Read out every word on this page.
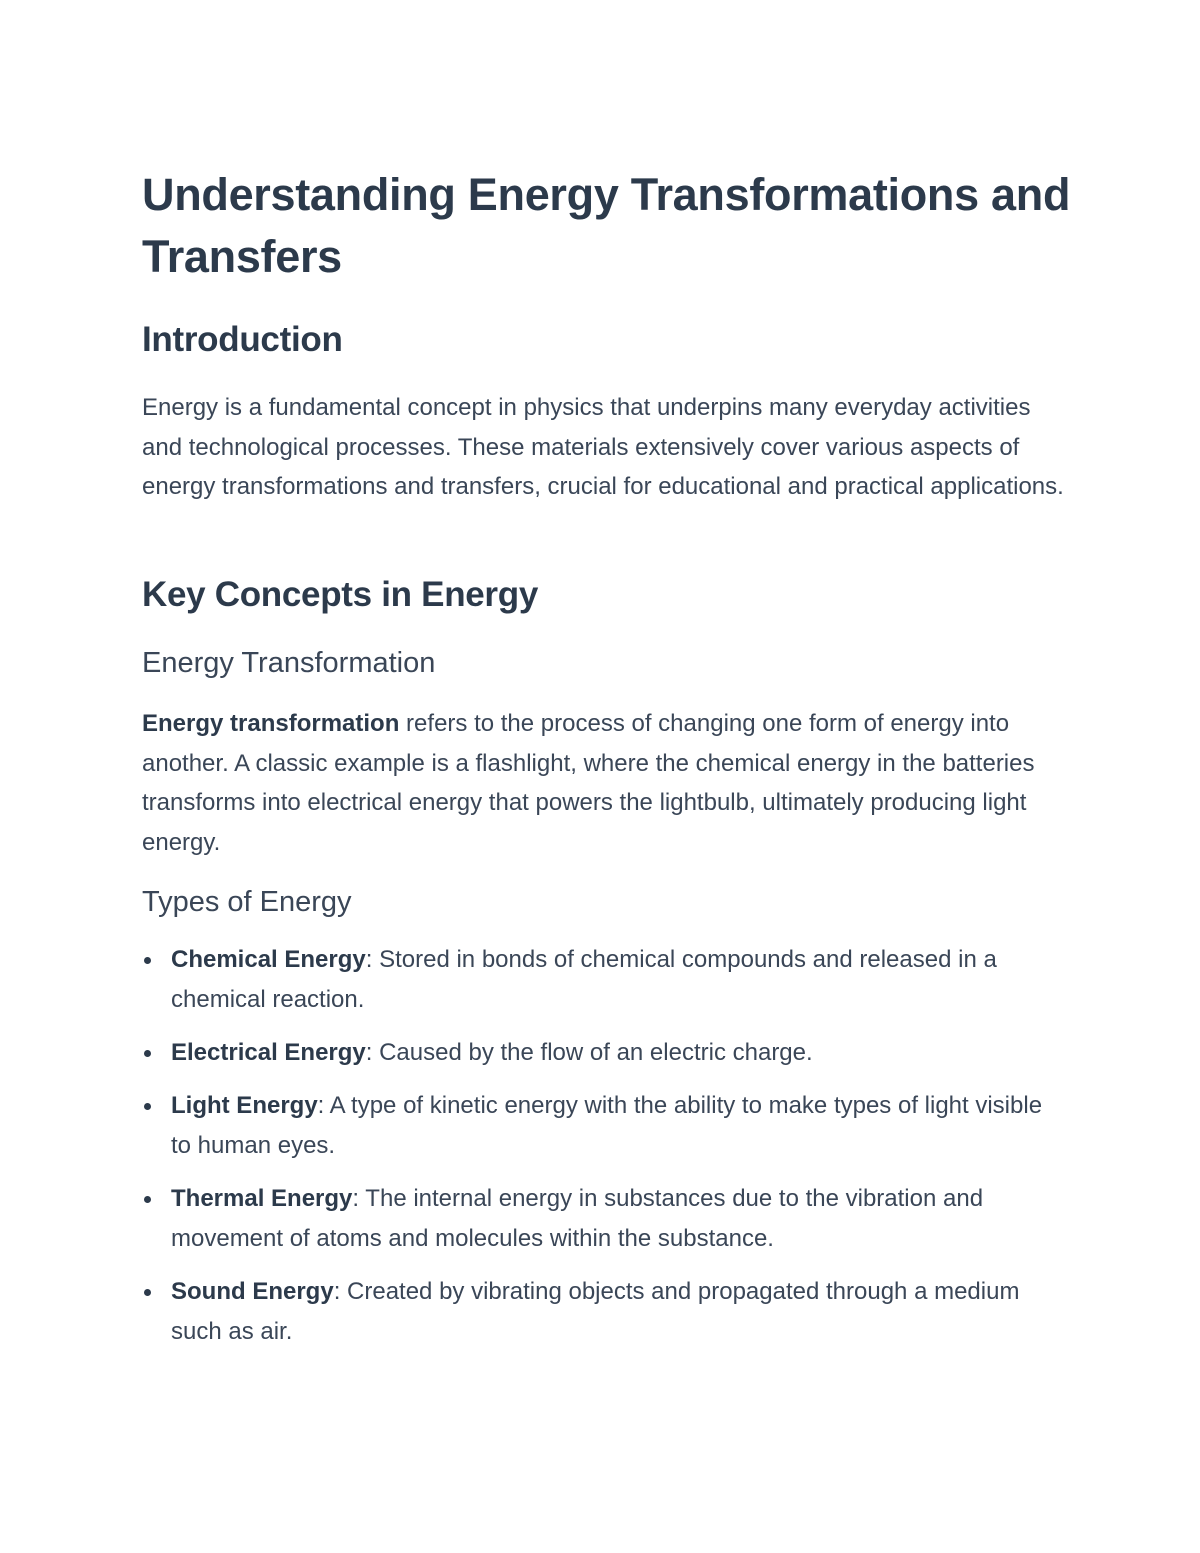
Understanding Energy Transformations and Transfers
Introduction

Energy is a fundamental concept in physics that underpins many everyday activities and technological processes. These materials extensively cover various aspects of energy transformations and transfers, crucial for educational and practical applications.

Key Concepts in Energy
Energy Transformation

Energy transformation refers to the process of changing one form of energy into another. A classic example is a flashlight, where the chemical energy in the batteries transforms into electrical energy that powers the lightbulb, ultimately producing light energy.

Types of Energy
Chemical Energy: Stored in bonds of chemical compounds and released in a chemical reaction.
Electrical Energy: Caused by the flow of an electric charge.
Light Energy: A type of kinetic energy with the ability to make types of light visible to human eyes.
Thermal Energy: The internal energy in substances due to the vibration and movement of atoms and molecules within the substance.
Sound Energy: Created by vibrating objects and propagated through a medium such as air.
